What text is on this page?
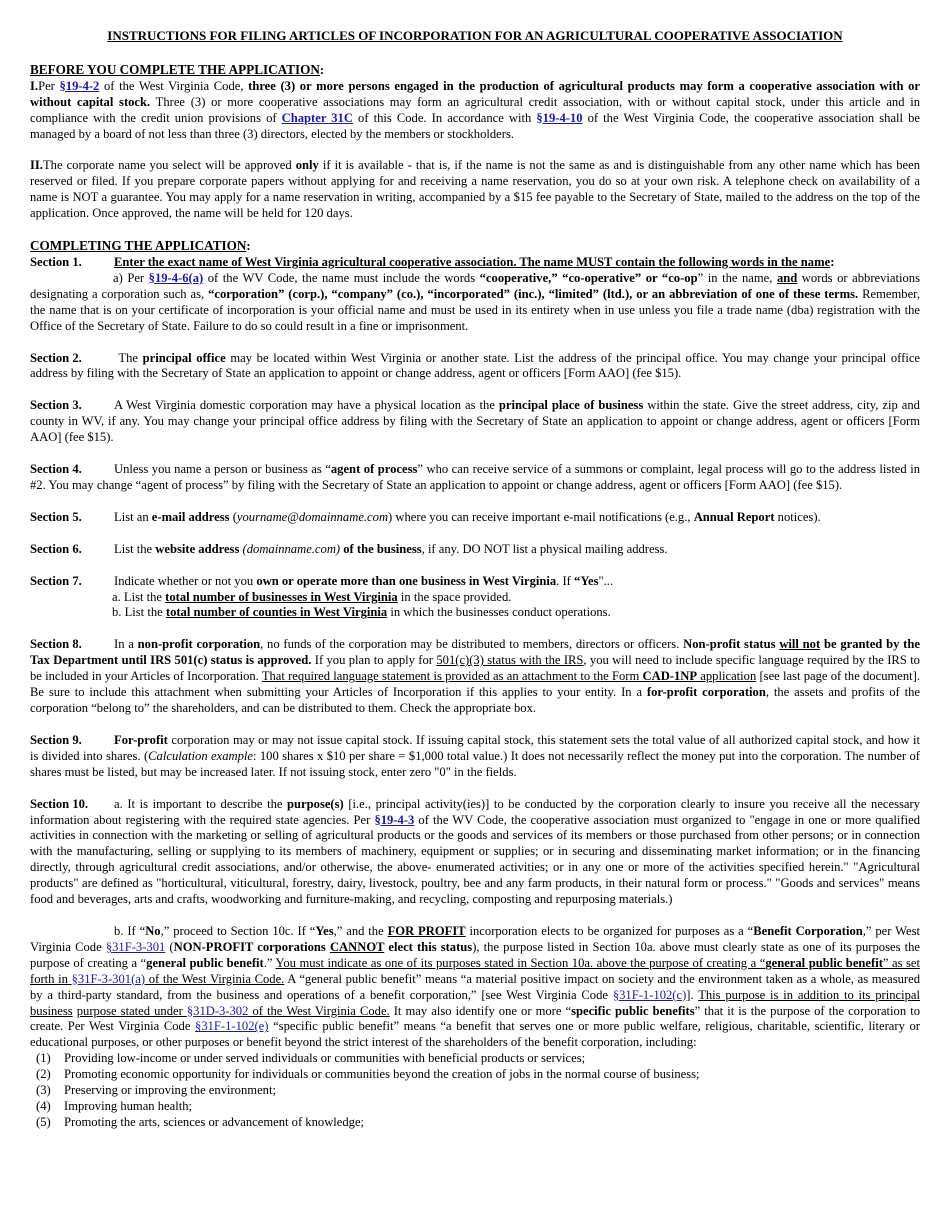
INSTRUCTIONS FOR FILING ARTICLES OF INCORPORATION FOR AN AGRICULTURAL COOPERATIVE ASSOCIATION

BEFORE YOU COMPLETE THE APPLICATION:

I.Per §19-4-2 of the West Virginia Code, three (3) or more persons engaged in the production of agricultural products may form a cooperative association with or without capital stock. Three (3) or more cooperative associations may form an agricultural credit association, with or without capital stock, under this article and in compliance with the credit union provisions of Chapter 31C of this Code. In accordance with §19-4-10 of the West Virginia Code, the cooperative association shall be managed by a board of not less than three (3) directors, elected by the members or stockholders.

II.The corporate name you select will be approved only if it is available - that is, if the name is not the same as and is distinguishable from any other name which has been reserved or filed. If you prepare corporate papers without applying for and receiving a name reservation, you do so at your own risk. A telephone check on availability of a name is NOT a guarantee. You may apply for a name reservation in writing, accompanied by a $15 fee payable to the Secretary of State, mailed to the address on the top of the application. Once approved, the name will be held for 120 days.

COMPLETING THE APPLICATION:

Section 1.	Enter the exact name of West Virginia agricultural cooperative association. The name MUST contain the following words in the name:

a) Per §19-4-6(a) of the WV Code, the name must include the words “cooperative,” “co-operative” or “co-op” in the name, and words or abbreviations designating a corporation such as, “corporation” (corp.), “company” (co.), “incorporated” (inc.), “limited” (ltd.), or an abbreviation of one of these terms. Remember, the name that is on your certificate of incorporation is your official name and must be used in its entirety when in use unless you file a trade name (dba) registration with the Office of the Secretary of State. Failure to do so could result in a fine or imprisonment.

Section 2.	The principal office may be located within West Virginia or another state. List the address of the principal office. You may change your principal office address by filing with the Secretary of State an application to appoint or change address, agent or officers [Form AAO] (fee $15).

Section 3.	A West Virginia domestic corporation may have a physical location as the principal place of business within the state. Give the street address, city, zip and county in WV, if any. You may change your principal office address by filing with the Secretary of State an application to appoint or change address, agent or officers [Form AAO] (fee $15).

Section 4.	Unless you name a person or business as “agent of process” who can receive service of a summons or complaint, legal process will go to the address listed in #2. You may change “agent of process” by filing with the Secretary of State an application to appoint or change address, agent or officers [Form AAO] (fee $15).

Section 5.	List an e-mail address (yourname@domainname.com) where you can receive important e-mail notifications (e.g., Annual Report notices).

Section 6.	List the website address (domainname.com) of the business, if any. DO NOT list a physical mailing address.

Section 7.	Indicate whether or not you own or operate more than one business in West Virginia. If “Yes"...

a. List the total number of businesses in West Virginia in the space provided.

b. List the total number of counties in West Virginia in which the businesses conduct operations.

Section 8.	In a non-profit corporation, no funds of the corporation may be distributed to members, directors or officers. Non-profit status will not be granted by the Tax Department until IRS 501(c) status is approved. If you plan to apply for 501(c)(3) status with the IRS, you will need to include specific language required by the IRS to be included in your Articles of Incorporation. That required language statement is provided as an attachment to the Form CAD-1NP application [see last page of the document]. Be sure to include this attachment when submitting your Articles of Incorporation if this applies to your entity. In a for-profit corporation, the assets and profits of the corporation “belong to” the shareholders, and can be distributed to them. Check the appropriate box.

Section 9.	For-profit corporation may or may not issue capital stock. If issuing capital stock, this statement sets the total value of all authorized capital stock, and how it is divided into shares. (Calculation example: 100 shares x $10 per share = $1,000 total value.) It does not necessarily reflect the money put into the corporation. The number of shares must be listed, but may be increased later. If not issuing stock, enter zero "0" in the fields.

Section 10. a. It is important to describe the purpose(s) [i.e., principal activity(ies)] to be conducted by the corporation clearly to insure you receive all the necessary information about registering with the required state agencies. Per §19-4-3 of the WV Code, the cooperative association must organized to "engage in one or more qualified activities in connection with the marketing or selling of agricultural products or the goods and services of its members or those purchased from other persons; or in connection with the manufacturing, selling or supplying to its members of machinery, equipment or supplies; or in securing and disseminating market information; or in the financing directly, through agricultural credit associations, and/or otherwise, the above- enumerated activities; or in any one or more of the activities specified herein." "Agricultural products" are defined as "horticultural, viticultural, forestry, dairy, livestock, poultry, bee and any farm products, in their natural form or process." "Goods and services" means food and beverages, arts and crafts, woodworking and furniture-making, and recycling, composting and repurposing materials.)

b. If “No,” proceed to Section 10c. If “Yes,” and the FOR PROFIT incorporation elects to be organized for purposes as a “Benefit Corporation,” per West Virginia Code §31F-3-301 (NON-PROFIT corporations CANNOT elect this status), the purpose listed in Section 10a. above must clearly state as one of its purposes the purpose of creating a “general public benefit.” You must indicate as one of its purposes stated in Section 10a. above the purpose of creating a “general public benefit” as set forth in §31F-3-301(a) of the West Virginia Code. A “general public benefit” means “a material positive impact on society and the environment taken as a whole, as measured by a third-party standard, from the business and operations of a benefit corporation,” [see West Virginia Code §31F-1-102(c)]. This purpose is in addition to its principal business purpose stated under §31D-3-302 of the West Virginia Code. It may also identify one or more “specific public benefits” that it is the purpose of the corporation to create. Per West Virginia Code §31F-1-102(e) “specific public benefit” means “a benefit that serves one or more public welfare, religious, charitable, scientific, literary or educational purposes, or other purposes or benefit beyond the strict interest of the shareholders of the benefit corporation, including:

(1)	Providing low-income or under served individuals or communities with beneficial products or services;
(2)	Promoting economic opportunity for individuals or communities beyond the creation of jobs in the normal course of business;
(3)	Preserving or improving the environment;
(4)	Improving human health;
(5)	Promoting the arts, sciences or advancement of knowledge;
